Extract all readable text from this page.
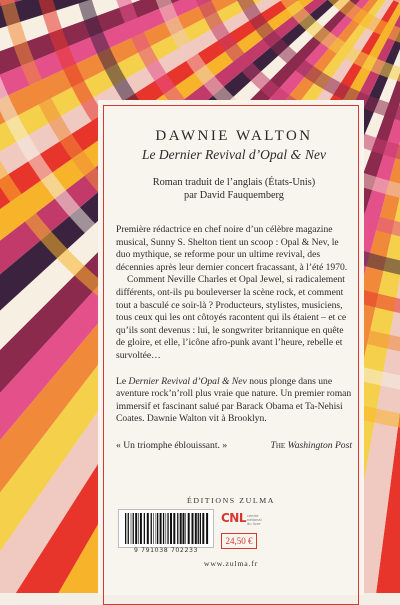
DAWNIE WALTON
Le Dernier Revival d’Opal & Nev
Roman traduit de l’anglais (États-Unis)
par David Fauquemberg
Première rédactrice en chef noire d’un célèbre magazine musical, Sunny S. Shelton tient un scoop : Opal & Nev, le duo mythique, se reforme pour un ultime revival, des décennies après leur dernier concert fracassant, à l’été 1970.
Comment Neville Charles et Opal Jewel, si radicalement différents, ont-ils pu bouleverser la scène rock, et comment tout a basculé ce soir-là ? Producteurs, stylistes, musiciens, tous ceux qui les ont côtoyés racontent qui ils étaient – et ce qu’ils sont devenus : lui, le songwriter britannique en quête de gloire, et elle, l’icône afro-punk avant l’heure, rebelle et survoltée…
Le Dernier Revival d’Opal & Nev nous plonge dans une aventure rock’n’roll plus vraie que nature. Un premier roman immersif et fascinant salué par Barack Obama et Ta-Nehisi Coates. Dawnie Walton vit à Brooklyn.
« Un triomphe éblouissant. »	The Washington Post
ÉDITIONS ZULMA
9 791038 702233
CNL centre national du livre
24,50 €
www.zulma.fr
